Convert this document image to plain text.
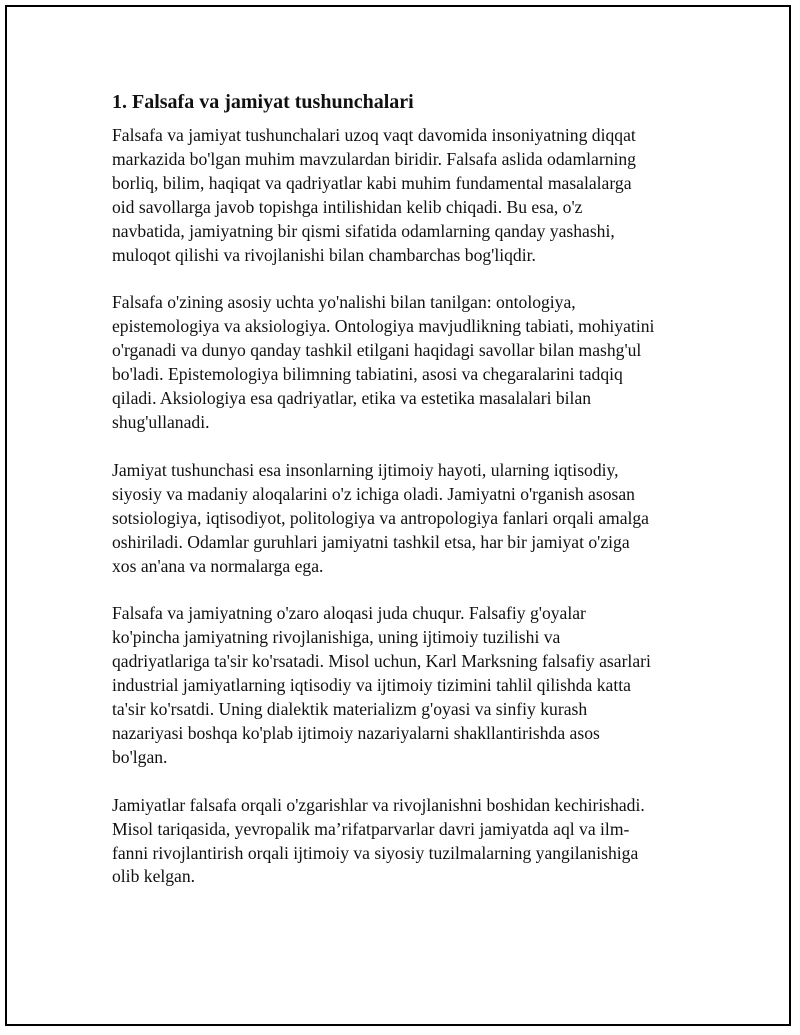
1. Falsafa va jamiyat tushunchalari
Falsafa va jamiyat tushunchalari uzoq vaqt davomida insoniyatning diqqat
markazida bo'lgan muhim mavzulardan biridir. Falsafa aslida odamlarning
borliq, bilim, haqiqat va qadriyatlar kabi muhim fundamental masalalarga
oid savollarga javob topishga intilishidan kelib chiqadi. Bu esa, o'z
navbatida, jamiyatning bir qismi sifatida odamlarning qanday yashashi,
muloqot qilishi va rivojlanishi bilan chambarchas bog'liqdir.
Falsafa o'zining asosiy uchta yo'nalishi bilan tanilgan: ontologiya,
epistemologiya va aksiologiya. Ontologiya mavjudlikning tabiati, mohiyatini
o'rganadi va dunyo qanday tashkil etilgani haqidagi savollar bilan mashg'ul
bo'ladi. Epistemologiya bilimning tabiatini, asosi va chegaralarini tadqiq
qiladi. Aksiologiya esa qadriyatlar, etika va estetika masalalari bilan
shug'ullanadi.
Jamiyat tushunchasi esa insonlarning ijtimoiy hayoti, ularning iqtisodiy,
siyosiy va madaniy aloqalarini o'z ichiga oladi. Jamiyatni o'rganish asosan
sotsiologiya, iqtisodiyot, politologiya va antropologiya fanlari orqali amalga
oshiriladi. Odamlar guruhlari jamiyatni tashkil etsa, har bir jamiyat o'ziga
xos an'ana va normalarga ega.
Falsafa va jamiyatning o'zaro aloqasi juda chuqur. Falsafiy g'oyalar
ko'pincha jamiyatning rivojlanishiga, uning ijtimoiy tuzilishi va
qadriyatlariga ta'sir ko'rsatadi. Misol uchun, Karl Marksning falsafiy asarlari
industrial jamiyatlarning iqtisodiy va ijtimoiy tizimini tahlil qilishda katta
ta'sir ko'rsatdi. Uning dialektik materializm g'oyasi va sinfiy kurash
nazariyasi boshqa ko'plab ijtimoiy nazariyalarni shakllantirishda asos
bo'lgan.
Jamiyatlar falsafa orqali o'zgarishlar va rivojlanishni boshidan kechirishadi.
Misol tariqasida, yevropalik ma’rifatparvarlar davri jamiyatda aql va ilm-
fanni rivojlantirish orqali ijtimoiy va siyosiy tuzilmalarning yangilanishiga
olib kelgan.
